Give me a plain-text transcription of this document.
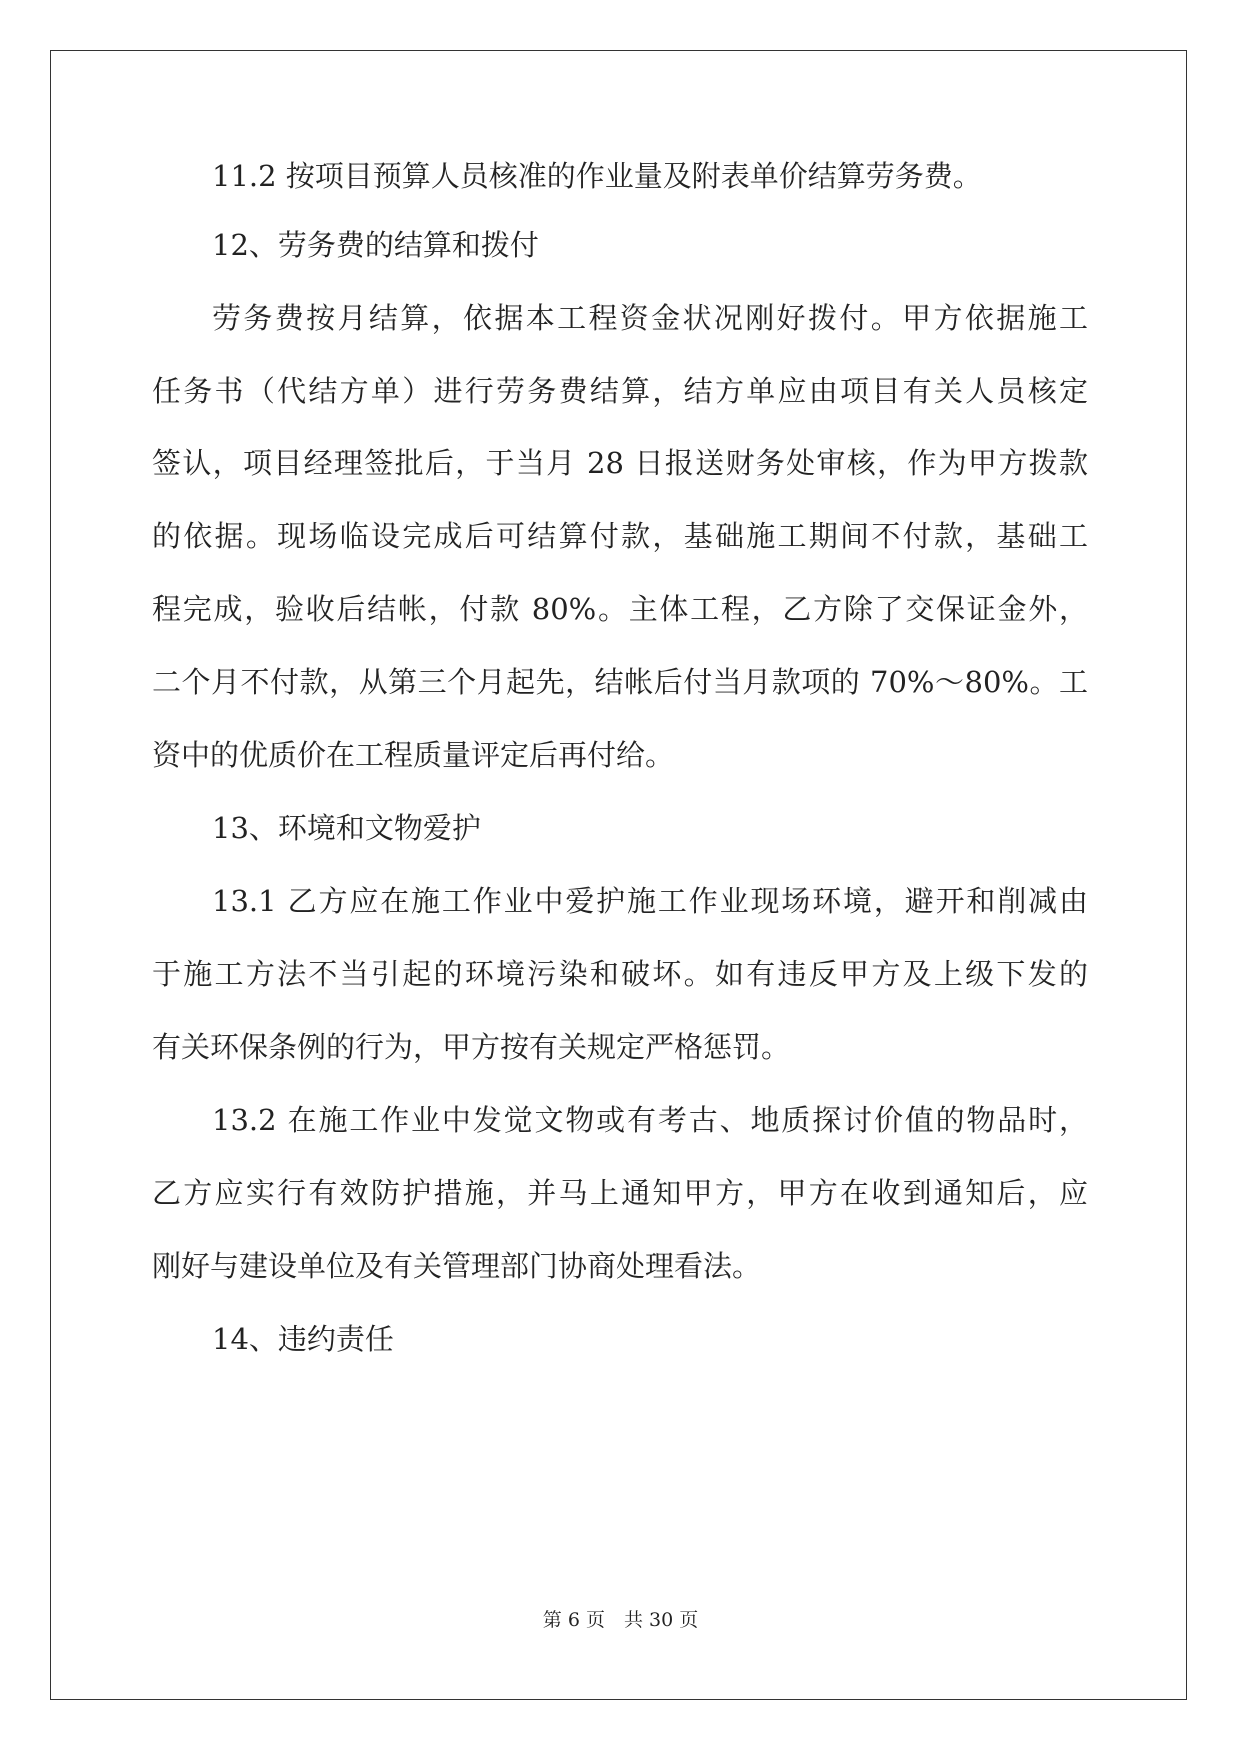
11.2 按项目预算人员核准的作业量及附表单价结算劳务费。
12、劳务费的结算和拨付
劳务费按月结算，依据本工程资金状况刚好拨付。甲方依据施工
任务书（代结方单）进行劳务费结算，结方单应由项目有关人员核定
签认，项目经理签批后，于当月 28 日报送财务处审核，作为甲方拨款
的依据。现场临设完成后可结算付款，基础施工期间不付款，基础工
程完成，验收后结帐，付款 80%。主体工程，乙方除了交保证金外，
二个月不付款，从第三个月起先，结帐后付当月款项的 70%～80%。工
资中的优质价在工程质量评定后再付给。
13、环境和文物爱护
13.1 乙方应在施工作业中爱护施工作业现场环境，避开和削减由
于施工方法不当引起的环境污染和破坏。如有违反甲方及上级下发的
有关环保条例的行为，甲方按有关规定严格惩罚。
13.2 在施工作业中发觉文物或有考古、地质探讨价值的物品时，
乙方应实行有效防护措施，并马上通知甲方，甲方在收到通知后，应
刚好与建设单位及有关管理部门协商处理看法。
14、违约责任
第 6 页　共 30 页
